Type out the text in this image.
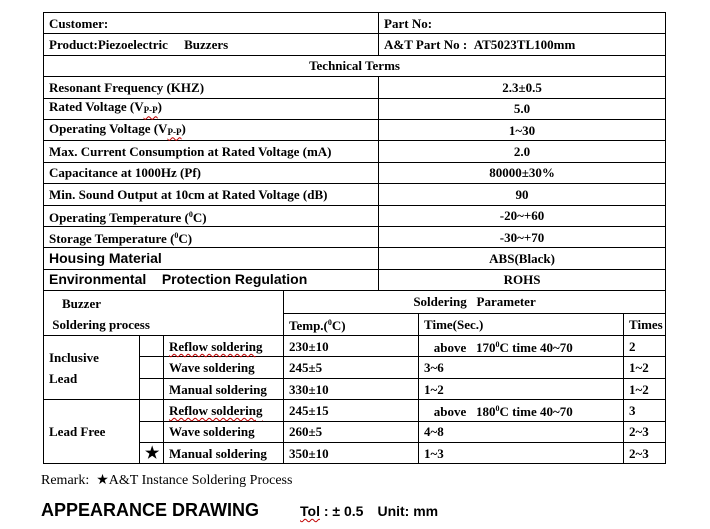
Customer:				Part No:		
Product:Piezoelectric Buzzers				A&T Part No : AT5023TL100mm		
Technical Terms						
Resonant Frequency (KHZ)				2.3±0.5		
Rated Voltage $(V_{P-P})$				5.0		
Operating Voltage $(V_{P-P})$				1~30		
Max. Current Consumption at Rated Voltage (mA)				2.0		
Capacitance at 1000Hz (Pf)				80000±30%		
Min. Sound Output at 10cm at Rated Voltage (dB)				90		
Operating Temperature ($^0$C)				-20~+60		
Storage Temperature ($^0$C)				-30~+70		
Housing Material				ABS(Black)		
Environmental Protection Regulation				ROHS		
Buzzer
Soldering process			Soldering Parameter			
			Temp.($^0$C)		Time(Sec.)	Times
Inclusive
Lead		Reflow soldering	230±10		above   $170^0C$ time 40~70	2
		Wave soldering	245±5		3~6	1~2
		Manual soldering	330±10		1~2	1~2
Lead Free		Reflow soldering	245±15		above   $180^0C$ time 40~70	3
		Wave soldering	260±5		4~8	2~3
	★	Manual soldering	350±10		1~3	2~3
Remark: ★A&T Instance Soldering Process
APPEARANCE DRAWING	Tol : ± 0.5 Unit: mm
